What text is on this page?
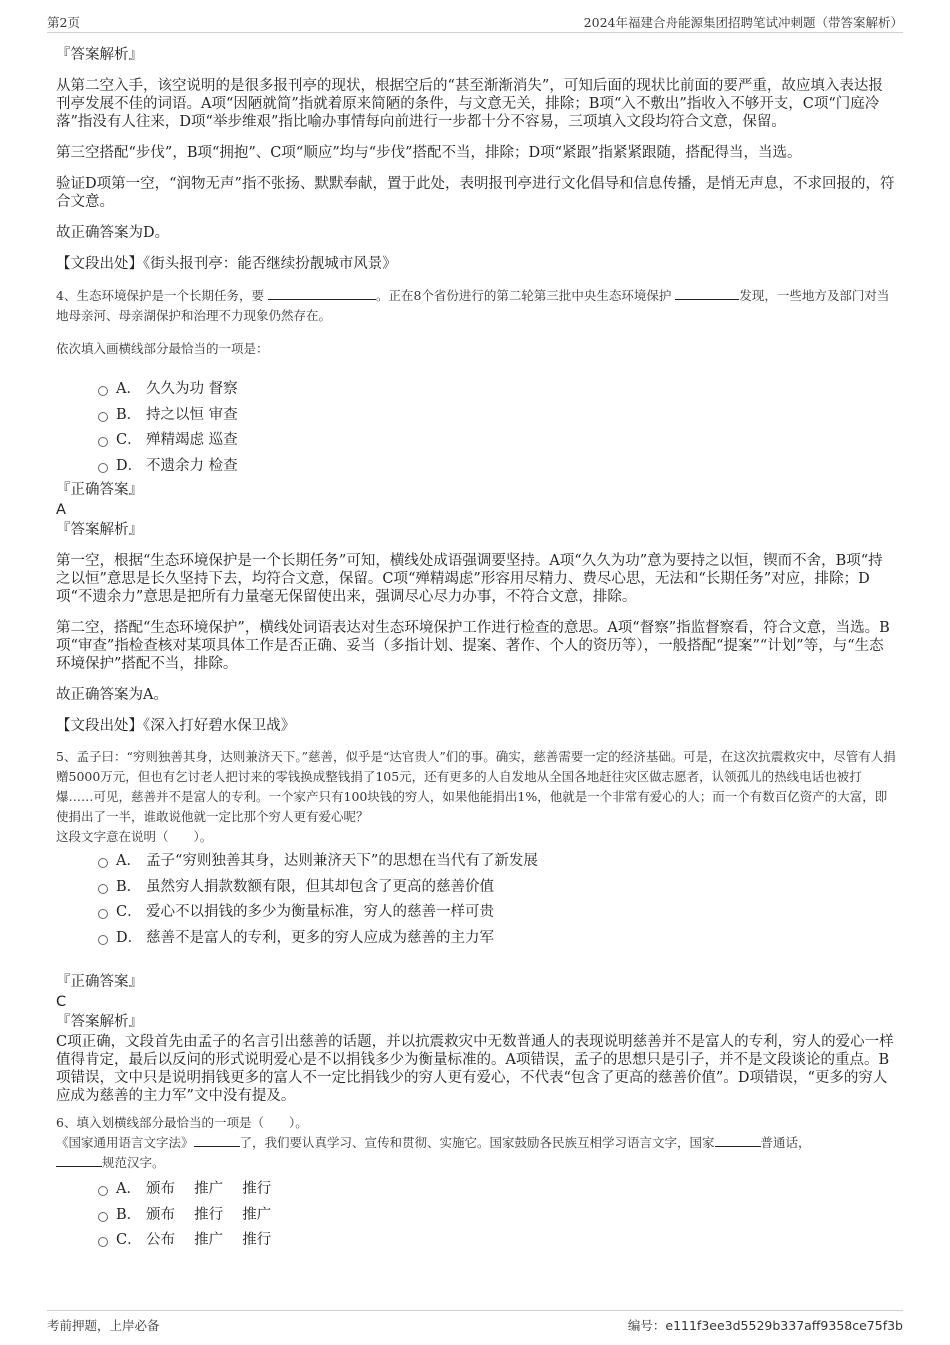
第2页	2024年福建合舟能源集团招聘笔试冲刺题（带答案解析）

『答案解析』

从第二空入手，该空说明的是很多报刊亭的现状，根据空后的“甚至渐渐消失”，可知后面的现状比前面的要严重，故应填入表达报刊亭发展不佳的词语。A项“因陋就简”指就着原来简陋的条件，与文意无关，排除；B项“入不敷出”指收入不够开支，C项“门庭冷落”指没有人往来，D项“举步维艰”指比喻办事情每向前进行一步都十分不容易，三项填入文段均符合文意，保留。

第三空搭配“步伐”，B项“拥抱”、C项“顺应”均与“步伐”搭配不当，排除；D项“紧跟”指紧紧跟随，搭配得当，当选。

验证D项第一空，“润物无声”指不张扬、默默奉献，置于此处，表明报刊亭进行文化倡导和信息传播，是悄无声息，不求回报的，符合文意。

故正确答案为D。

【文段出处】《街头报刊亭：能否继续扮靓城市风景》

4、生态环境保护是一个长期任务，要	。正在8个省份进行的第二轮第三批中央生态环境保护	发现，一些地方及部门对当地母亲河、母亲湖保护和治理不力现象仍然存在。

依次填入画横线部分最恰当的一项是：

A． 久久为功 督察
B． 持之以恒 审查
C． 殚精竭虑 巡查
D． 不遗余力 检查

『正确答案』

A

『答案解析』

第一空，根据“生态环境保护是一个长期任务”可知，横线处成语强调要坚持。A项“久久为功”意为要持之以恒，锲而不舍，B项“持之以恒”意思是长久坚持下去，均符合文意，保留。C项“殚精竭虑”形容用尽精力、费尽心思，无法和“长期任务”对应，排除；D项“不遗余力”意思是把所有力量毫无保留使出来，强调尽心尽力办事，不符合文意，排除。

第二空，搭配“生态环境保护”，横线处词语表达对生态环境保护工作进行检查的意思。A项“督察”指监督察看，符合文意，当选。B项“审查”指检查核对某项具体工作是否正确、妥当（多指计划、提案、著作、个人的资历等），一般搭配“提案”“计划”等，与“生态环境保护”搭配不当，排除。

故正确答案为A。

【文段出处】《深入打好碧水保卫战》

5、孟子曰：“穷则独善其身，达则兼济天下。”慈善，似乎是“达官贵人”们的事。确实，慈善需要一定的经济基础。可是，在这次抗震救灾中，尽管有人捐赠5000万元，但也有乞讨老人把讨来的零钱换成整钱捐了105元，还有更多的人自发地从全国各地赶往灾区做志愿者，认领孤儿的热线电话也被打爆……可见，慈善并不是富人的专利。一个家产只有100块钱的穷人，如果他能捐出1%，他就是一个非常有爱心的人；而一个有数百亿资产的大富，即使捐出了一半，谁敢说他就一定比那个穷人更有爱心呢？

这段文字意在说明（　　）。

A． 孟子“穷则独善其身，达则兼济天下”的思想在当代有了新发展
B． 虽然穷人捐款数额有限，但其却包含了更高的慈善价值
C． 爱心不以捐钱的多少为衡量标准，穷人的慈善一样可贵
D． 慈善不是富人的专利，更多的穷人应成为慈善的主力军

『正确答案』

C

『答案解析』

C项正确，文段首先由孟子的名言引出慈善的话题，并以抗震救灾中无数普通人的表现说明慈善并不是富人的专利，穷人的爱心一样值得肯定，最后以反问的形式说明爱心是不以捐钱多少为衡量标准的。A项错误，孟子的思想只是引子，并不是文段谈论的重点。B项错误，文中只是说明捐钱更多的富人不一定比捐钱少的穷人更有爱心，不代表“包含了更高的慈善价值”。D项错误，“更多的穷人应成为慈善的主力军”文中没有提及。

6、填入划横线部分最恰当的一项是（　　）。

《国家通用语言文字法》	了，我们要认真学习、宣传和贯彻、实施它。国家鼓励各民族互相学习语言文字，国家	普通话，规范汉字。

A． 颁布　 推广　 推行
B． 颁布　 推行　 推广
C． 公布　 推广　 推行
考前押题，上岸必备	编号：e111f3ee3d5529b337aff9358ce75f3b
